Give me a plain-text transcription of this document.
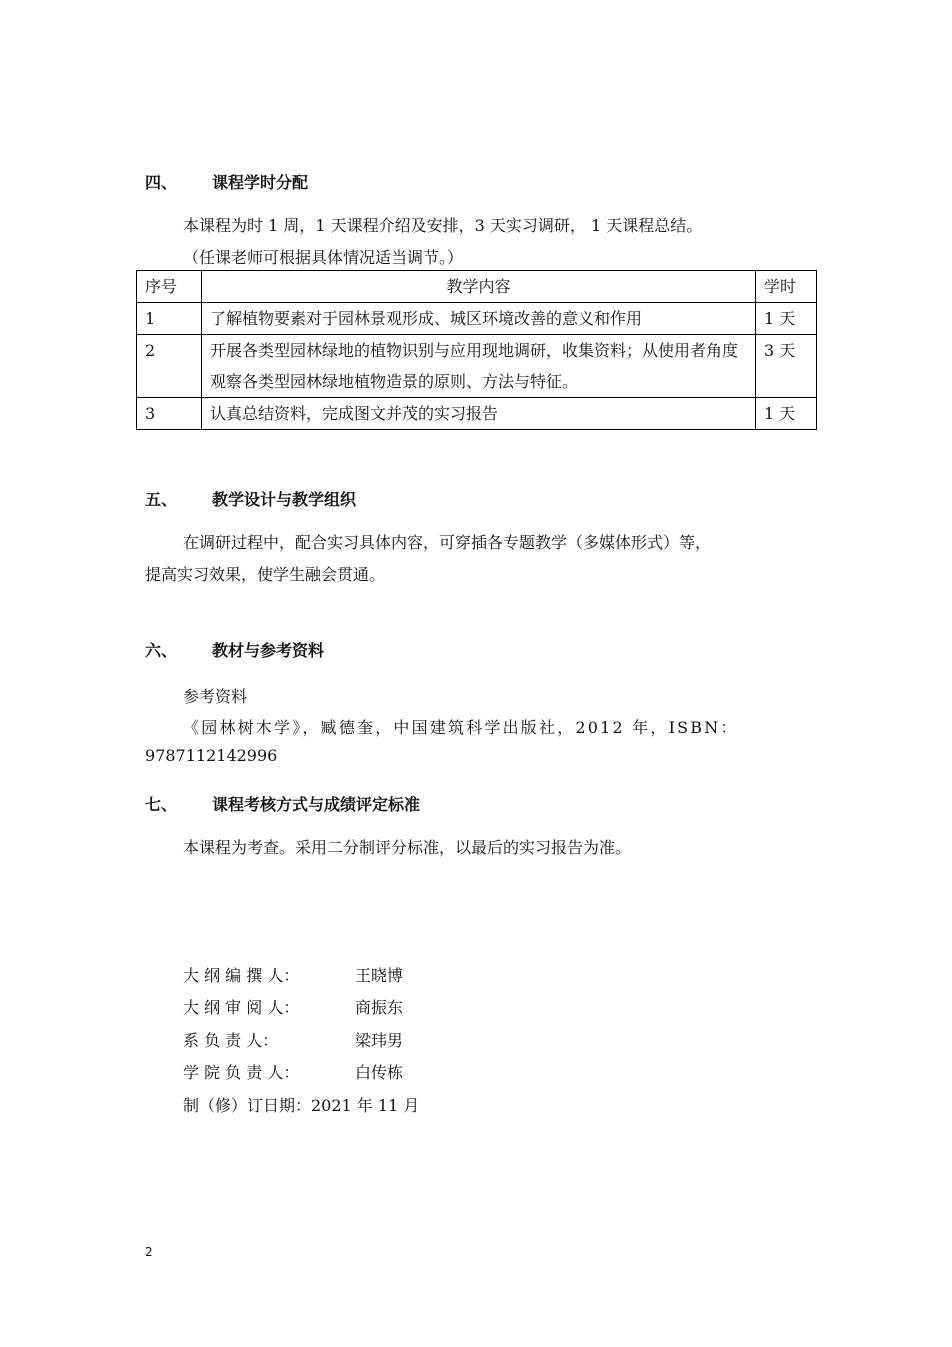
四、 课程学时分配
本课程为时 1 周，1 天课程介绍及安排，3 天实习调研， 1 天课程总结。
（任课老师可根据具体情况适当调节。）
序号	教学内容	学时
1	了解植物要素对于园林景观形成、城区环境改善的意义和作用	1 天
2	开展各类型园林绿地的植物识别与应用现地调研，收集资料；从使用者角度观察各类型园林绿地植物造景的原则、方法与特征。	3 天
3	认真总结资料，完成图文并茂的实习报告	1 天
五、 教学设计与教学组织
在调研过程中，配合实习具体内容，可穿插各专题教学（多媒体形式）等，
提高实习效果，使学生融会贯通。
六、 教材与参考资料
参考资料
《园林树木学》，臧德奎，中国建筑科学出版社，2012 年，ISBN：
9787112142996
七、 课程考核方式与成绩评定标准
本课程为考查。采用二分制评分标准，以最后的实习报告为准。
大 纲 编 撰 人：	王晓博
大 纲 审 阅 人：	商振东
系 负 责 人：	梁玮男
学 院 负 责 人：	白传栋
制（修）订日期：2021 年 11 月
2
